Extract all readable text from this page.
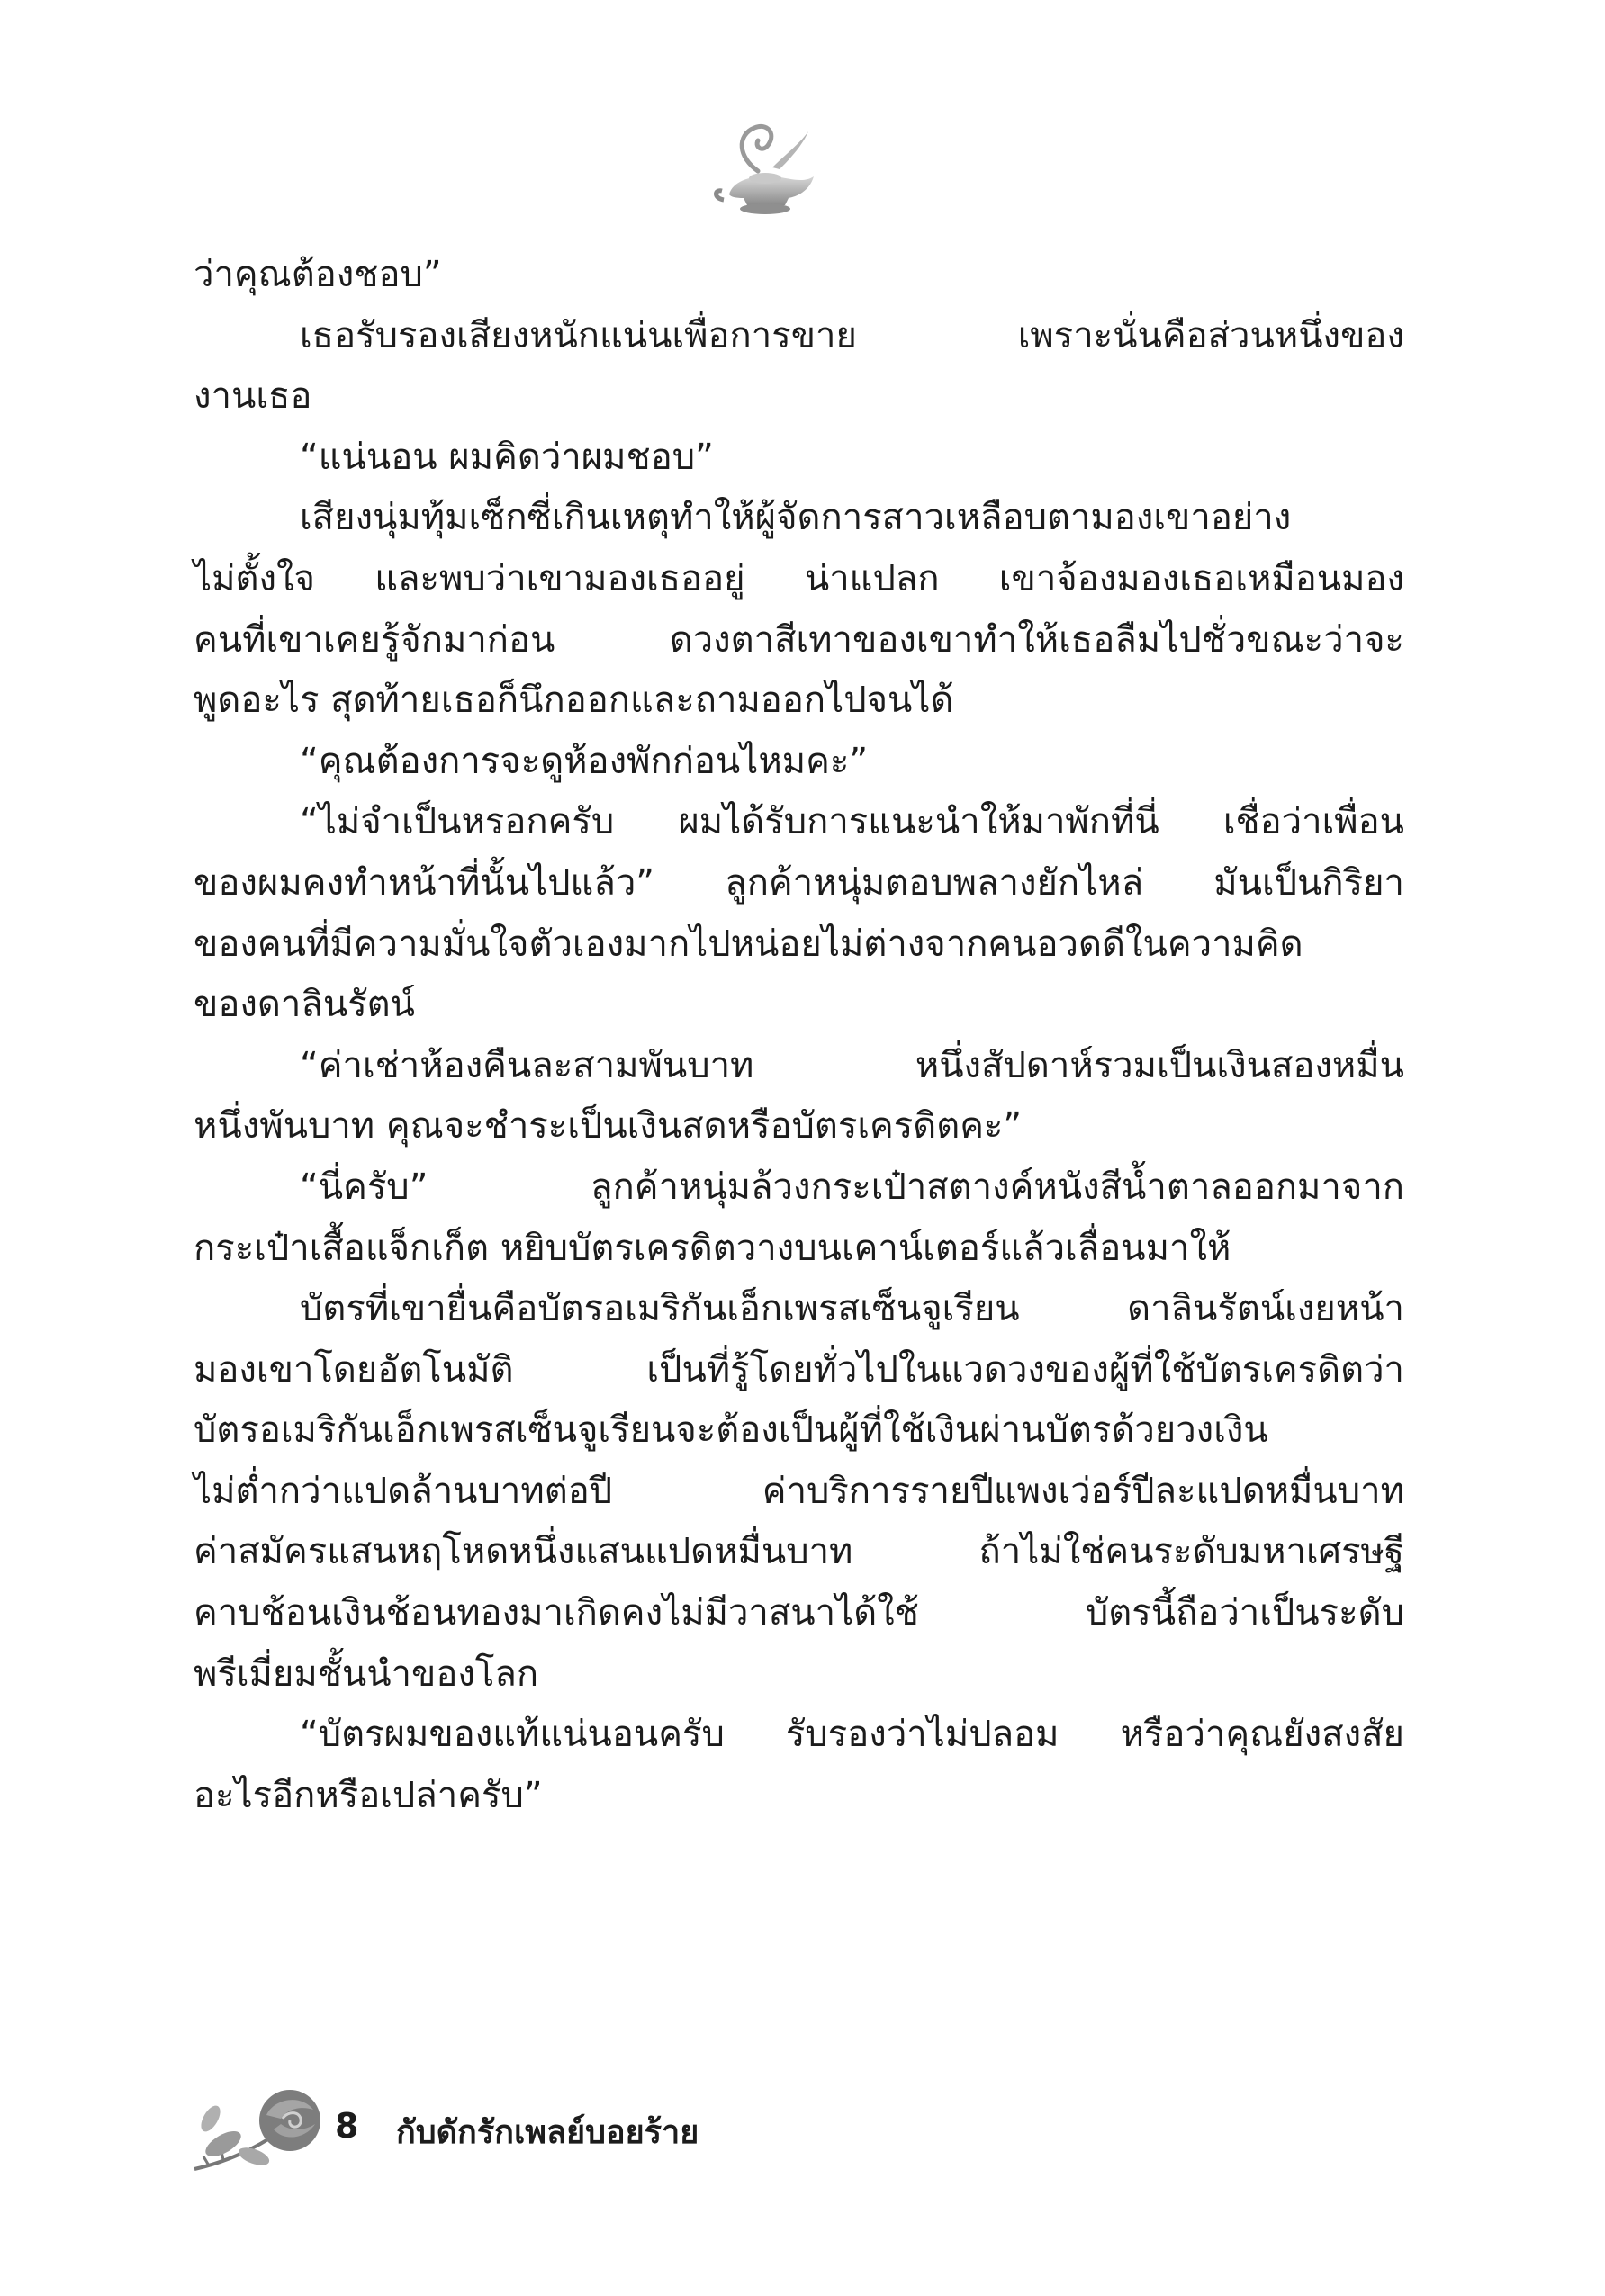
ว่าคุณต้องชอบ”
เธอรับรองเสียงหนักแน่นเพื่อการขาย เพราะนั่นคือส่วนหนึ่งของ
งานเธอ
“แน่นอน ผมคิดว่าผมชอบ”
เสียงนุ่มทุ้มเซ็กซี่เกินเหตุทำให้ผู้จัดการสาวเหลือบตามองเขาอย่าง
ไม่ตั้งใจ และพบว่าเขามองเธออยู่ น่าแปลก เขาจ้องมองเธอเหมือนมอง
คนที่เขาเคยรู้จักมาก่อน ดวงตาสีเทาของเขาทำให้เธอลืมไปชั่วขณะว่าจะ
พูดอะไร สุดท้ายเธอก็นึกออกและถามออกไปจนได้
“คุณต้องการจะดูห้องพักก่อนไหมคะ”
“ไม่จำเป็นหรอกครับ ผมได้รับการแนะนำให้มาพักที่นี่ เชื่อว่าเพื่อน
ของผมคงทำหน้าที่นั้นไปแล้ว” ลูกค้าหนุ่มตอบพลางยักไหล่ มันเป็นกิริยา
ของคนที่มีความมั่นใจตัวเองมากไปหน่อยไม่ต่างจากคนอวดดีในความคิด
ของดาลินรัตน์
“ค่าเช่าห้องคืนละสามพันบาท หนึ่งสัปดาห์รวมเป็นเงินสองหมื่น
หนึ่งพันบาท คุณจะชำระเป็นเงินสดหรือบัตรเครดิตคะ”
“นี่ครับ” ลูกค้าหนุ่มล้วงกระเป๋าสตางค์หนังสีน้ำตาลออกมาจาก
กระเป๋าเสื้อแจ็กเก็ต หยิบบัตรเครดิตวางบนเคาน์เตอร์แล้วเลื่อนมาให้
บัตรที่เขายื่นคือบัตรอเมริกันเอ็กเพรสเซ็นจูเรียน ดาลินรัตน์เงยหน้า
มองเขาโดยอัตโนมัติ เป็นที่รู้โดยทั่วไปในแวดวงของผู้ที่ใช้บัตรเครดิตว่า
บัตรอเมริกันเอ็กเพรสเซ็นจูเรียนจะต้องเป็นผู้ที่ใช้เงินผ่านบัตรด้วยวงเงิน
ไม่ต่ำกว่าแปดล้านบาทต่อปี ค่าบริการรายปีแพงเว่อร์ปีละแปดหมื่นบาท
ค่าสมัครแสนหฤโหดหนึ่งแสนแปดหมื่นบาท ถ้าไม่ใช่คนระดับมหาเศรษฐี
คาบช้อนเงินช้อนทองมาเกิดคงไม่มีวาสนาได้ใช้ บัตรนี้ถือว่าเป็นระดับ
พรีเมี่ยมชั้นนำของโลก
“บัตรผมของแท้แน่นอนครับ รับรองว่าไม่ปลอม หรือว่าคุณยังสงสัย
อะไรอีกหรือเปล่าครับ”
8 กับดักรักเพลย์บอยร้าย
